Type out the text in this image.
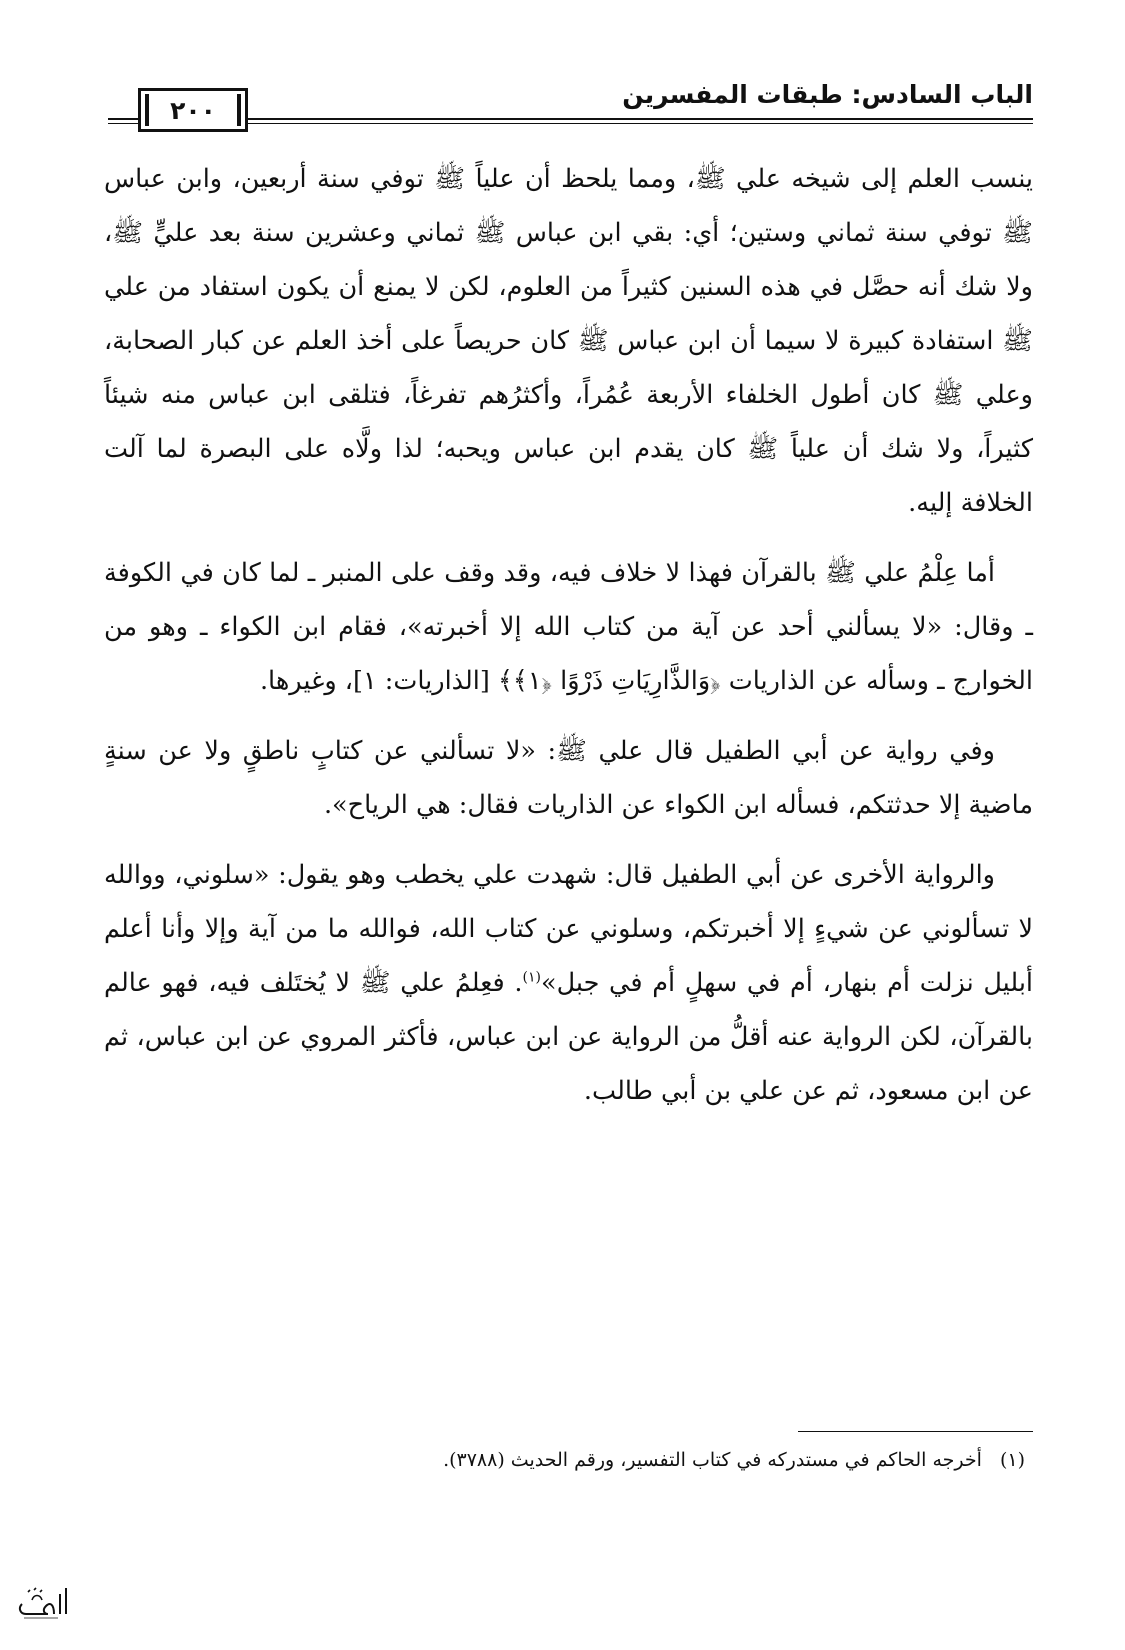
الباب السادس: طبقات المفسرين
٢٠٠

ينسب العلم إلى شيخه علي ﷺ، ومما يلحظ أن علياً ﷺ توفي سنة أربعين، وابن عباس ﷺ توفي سنة ثماني وستين؛ أي: بقي ابن عباس ﷺ ثماني وعشرين سنة بعد عليٍّ ﷺ، ولا شك أنه حصَّل في هذه السنين كثيراً من العلوم، لكن لا يمنع أن يكون استفاد من علي ﷺ استفادة كبيرة لا سيما أن ابن عباس ﷺ كان حريصاً على أخذ العلم عن كبار الصحابة، وعلي ﷺ كان أطول الخلفاء الأربعة عُمُراً، وأكثرُهم تفرغاً، فتلقى ابن عباس منه شيئاً كثيراً، ولا شك أن علياً ﷺ كان يقدم ابن عباس ويحبه؛ لذا ولَّاه على البصرة لما آلت الخلافة إليه.

أما عِلْمُ علي ﷺ بالقرآن فهذا لا خلاف فيه، وقد وقف على المنبر ـ لما كان في الكوفة ـ وقال: «لا يسألني أحد عن آية من كتاب الله إلا أخبرته»، فقام ابن الكواء ـ وهو من الخوارج ـ وسأله عن الذاريات ﴿وَالذَّارِيَاتِ ذَرْوًا ﴿١﴾﴾ [الذاريات: ١]، وغيرها.

وفي رواية عن أبي الطفيل قال علي ﷺ: «لا تسألني عن كتابٍ ناطقٍ ولا عن سنةٍ ماضية إلا حدثتكم، فسأله ابن الكواء عن الذاريات فقال: هي الرياح».

والرواية الأخرى عن أبي الطفيل قال: شهدت علي يخطب وهو يقول: «سلوني، ووالله لا تسألوني عن شيءٍ إلا أخبرتكم، وسلوني عن كتاب الله، فوالله ما من آية وإلا وأنا أعلم أبليل نزلت أم بنهار، أم في سهلٍ أم في جبل»$^{(١)}$. فعِلمُ علي ﷺ لا يُختَلف فيه، فهو عالم بالقرآن، لكن الرواية عنه أقلُّ من الرواية عن ابن عباس، فأكثر المروي عن ابن عباس، ثم عن ابن مسعود، ثم عن علي بن أبي طالب.

(١)أخرجه الحاكم في مستدركه في كتاب التفسير، ورقم الحديث (٣٧٨٨).
